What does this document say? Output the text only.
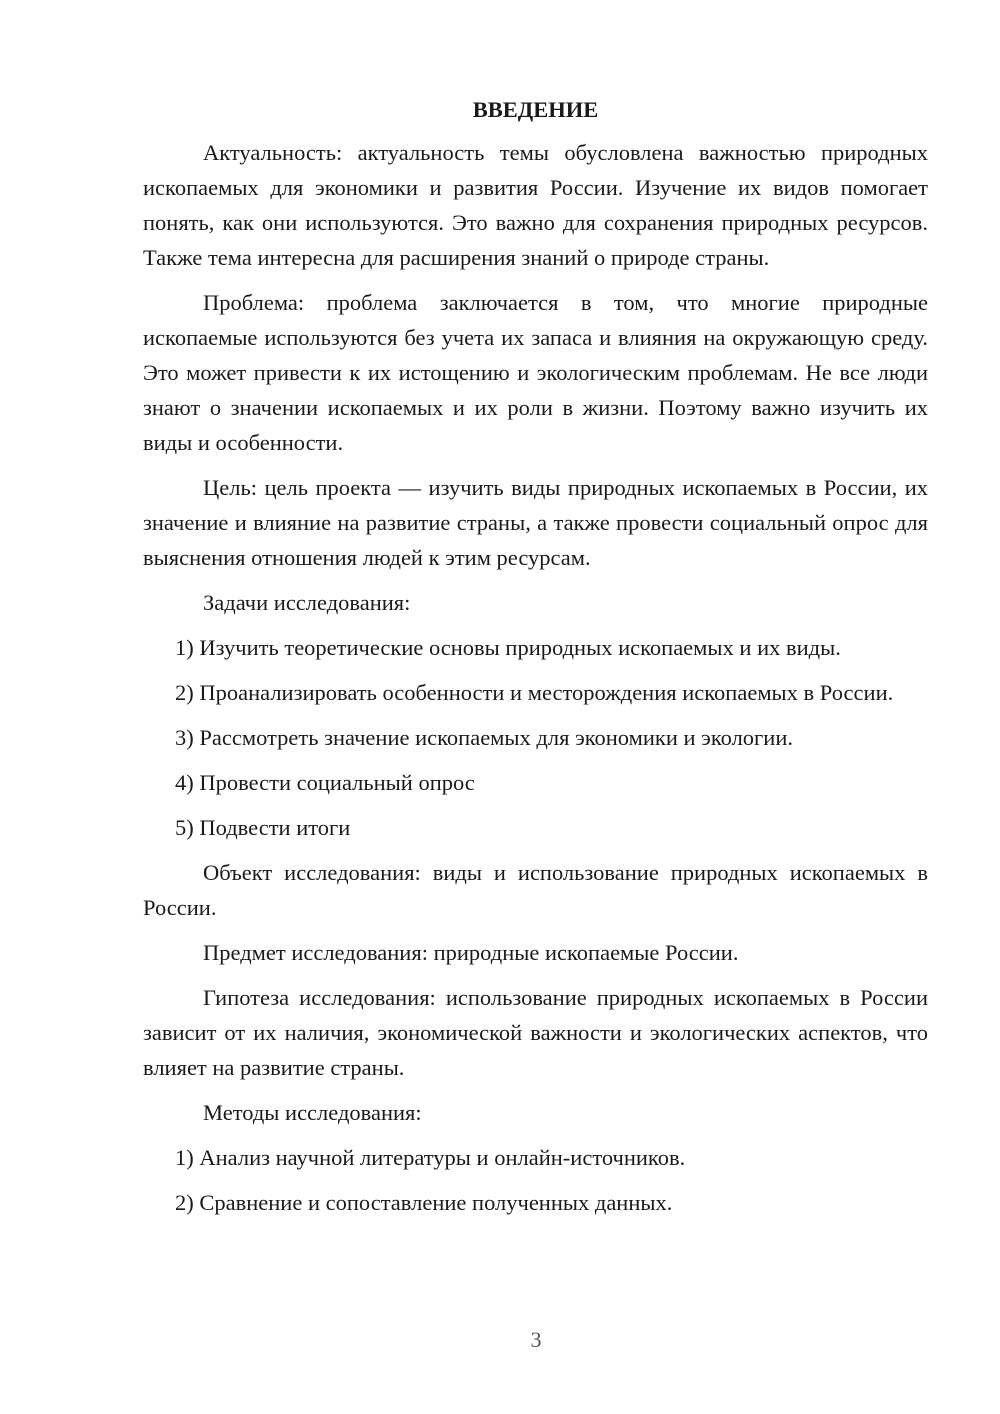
ВВЕДЕНИЕ

Актуальность: актуальность темы обусловлена важностью природных ископаемых для экономики и развития России. Изучение их видов помогает понять, как они используются. Это важно для сохранения природных ресурсов. Также тема интересна для расширения знаний о природе страны.

Проблема: проблема заключается в том, что многие природные ископаемые используются без учета их запаса и влияния на окружающую среду. Это может привести к их истощению и экологическим проблемам. Не все люди знают о значении ископаемых и их роли в жизни. Поэтому важно изучить их виды и особенности.

Цель: цель проекта — изучить виды природных ископаемых в России, их значение и влияние на развитие страны, а также провести социальный опрос для выяснения отношения людей к этим ресурсам.

Задачи исследования:

1) Изучить теоретические основы природных ископаемых и их виды.

2) Проанализировать особенности и месторождения ископаемых в России.

3) Рассмотреть значение ископаемых для экономики и экологии.

4) Провести социальный опрос

5) Подвести итоги

Объект исследования: виды и использование природных ископаемых в России.

Предмет исследования: природные ископаемые России.

Гипотеза исследования: использование природных ископаемых в России зависит от их наличия, экономической важности и экологических аспектов, что влияет на развитие страны.

Методы исследования:

1) Анализ научной литературы и онлайн-источников.

2) Сравнение и сопоставление полученных данных.

3
